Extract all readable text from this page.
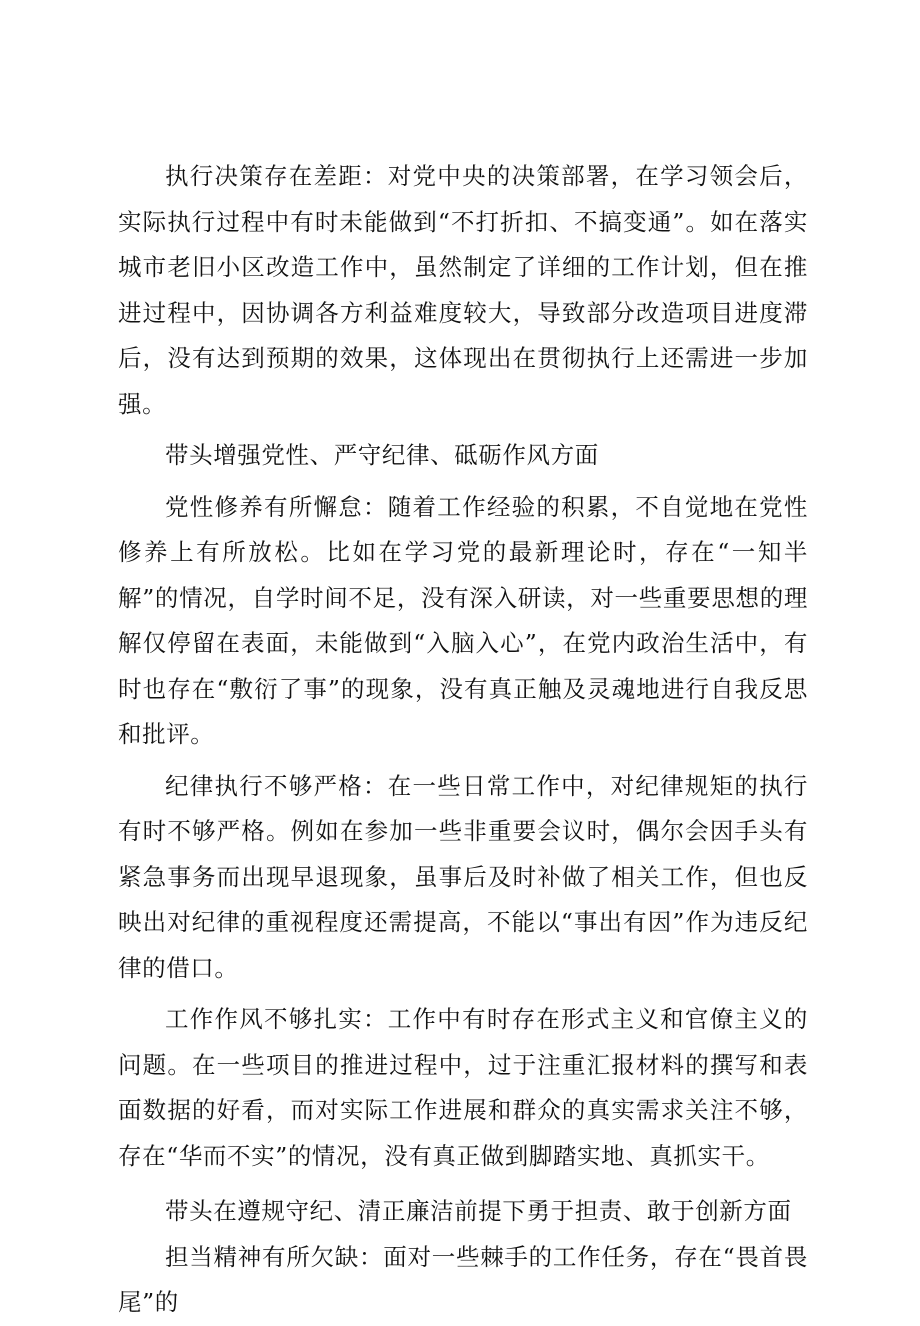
执行决策存在差距：对党中央的决策部署，在学习领会后，实际执行过程中有时未能做到“不打折扣、不搞变通”。如在落实城市老旧小区改造工作中，虽然制定了详细的工作计划，但在推进过程中，因协调各方利益难度较大，导致部分改造项目进度滞后，没有达到预期的效果，这体现出在贯彻执行上还需进一步加强。

带头增强党性、严守纪律、砥砺作风方面

党性修养有所懈怠：随着工作经验的积累，不自觉地在党性修养上有所放松。比如在学习党的最新理论时，存在“一知半解”的情况，自学时间不足，没有深入研读，对一些重要思想的理解仅停留在表面，未能做到“入脑入心”，在党内政治生活中，有时也存在“敷衍了事”的现象，没有真正触及灵魂地进行自我反思和批评。

纪律执行不够严格：在一些日常工作中，对纪律规矩的执行有时不够严格。例如在参加一些非重要会议时，偶尔会因手头有紧急事务而出现早退现象，虽事后及时补做了相关工作，但也反映出对纪律的重视程度还需提高，不能以“事出有因”作为违反纪律的借口。

工作作风不够扎实：工作中有时存在形式主义和官僚主义的问题。在一些项目的推进过程中，过于注重汇报材料的撰写和表面数据的好看，而对实际工作进展和群众的真实需求关注不够，存在“华而不实”的情况，没有真正做到脚踏实地、真抓实干。

带头在遵规守纪、清正廉洁前提下勇于担责、敢于创新方面

担当精神有所欠缺：面对一些棘手的工作任务，存在“畏首畏尾”的
